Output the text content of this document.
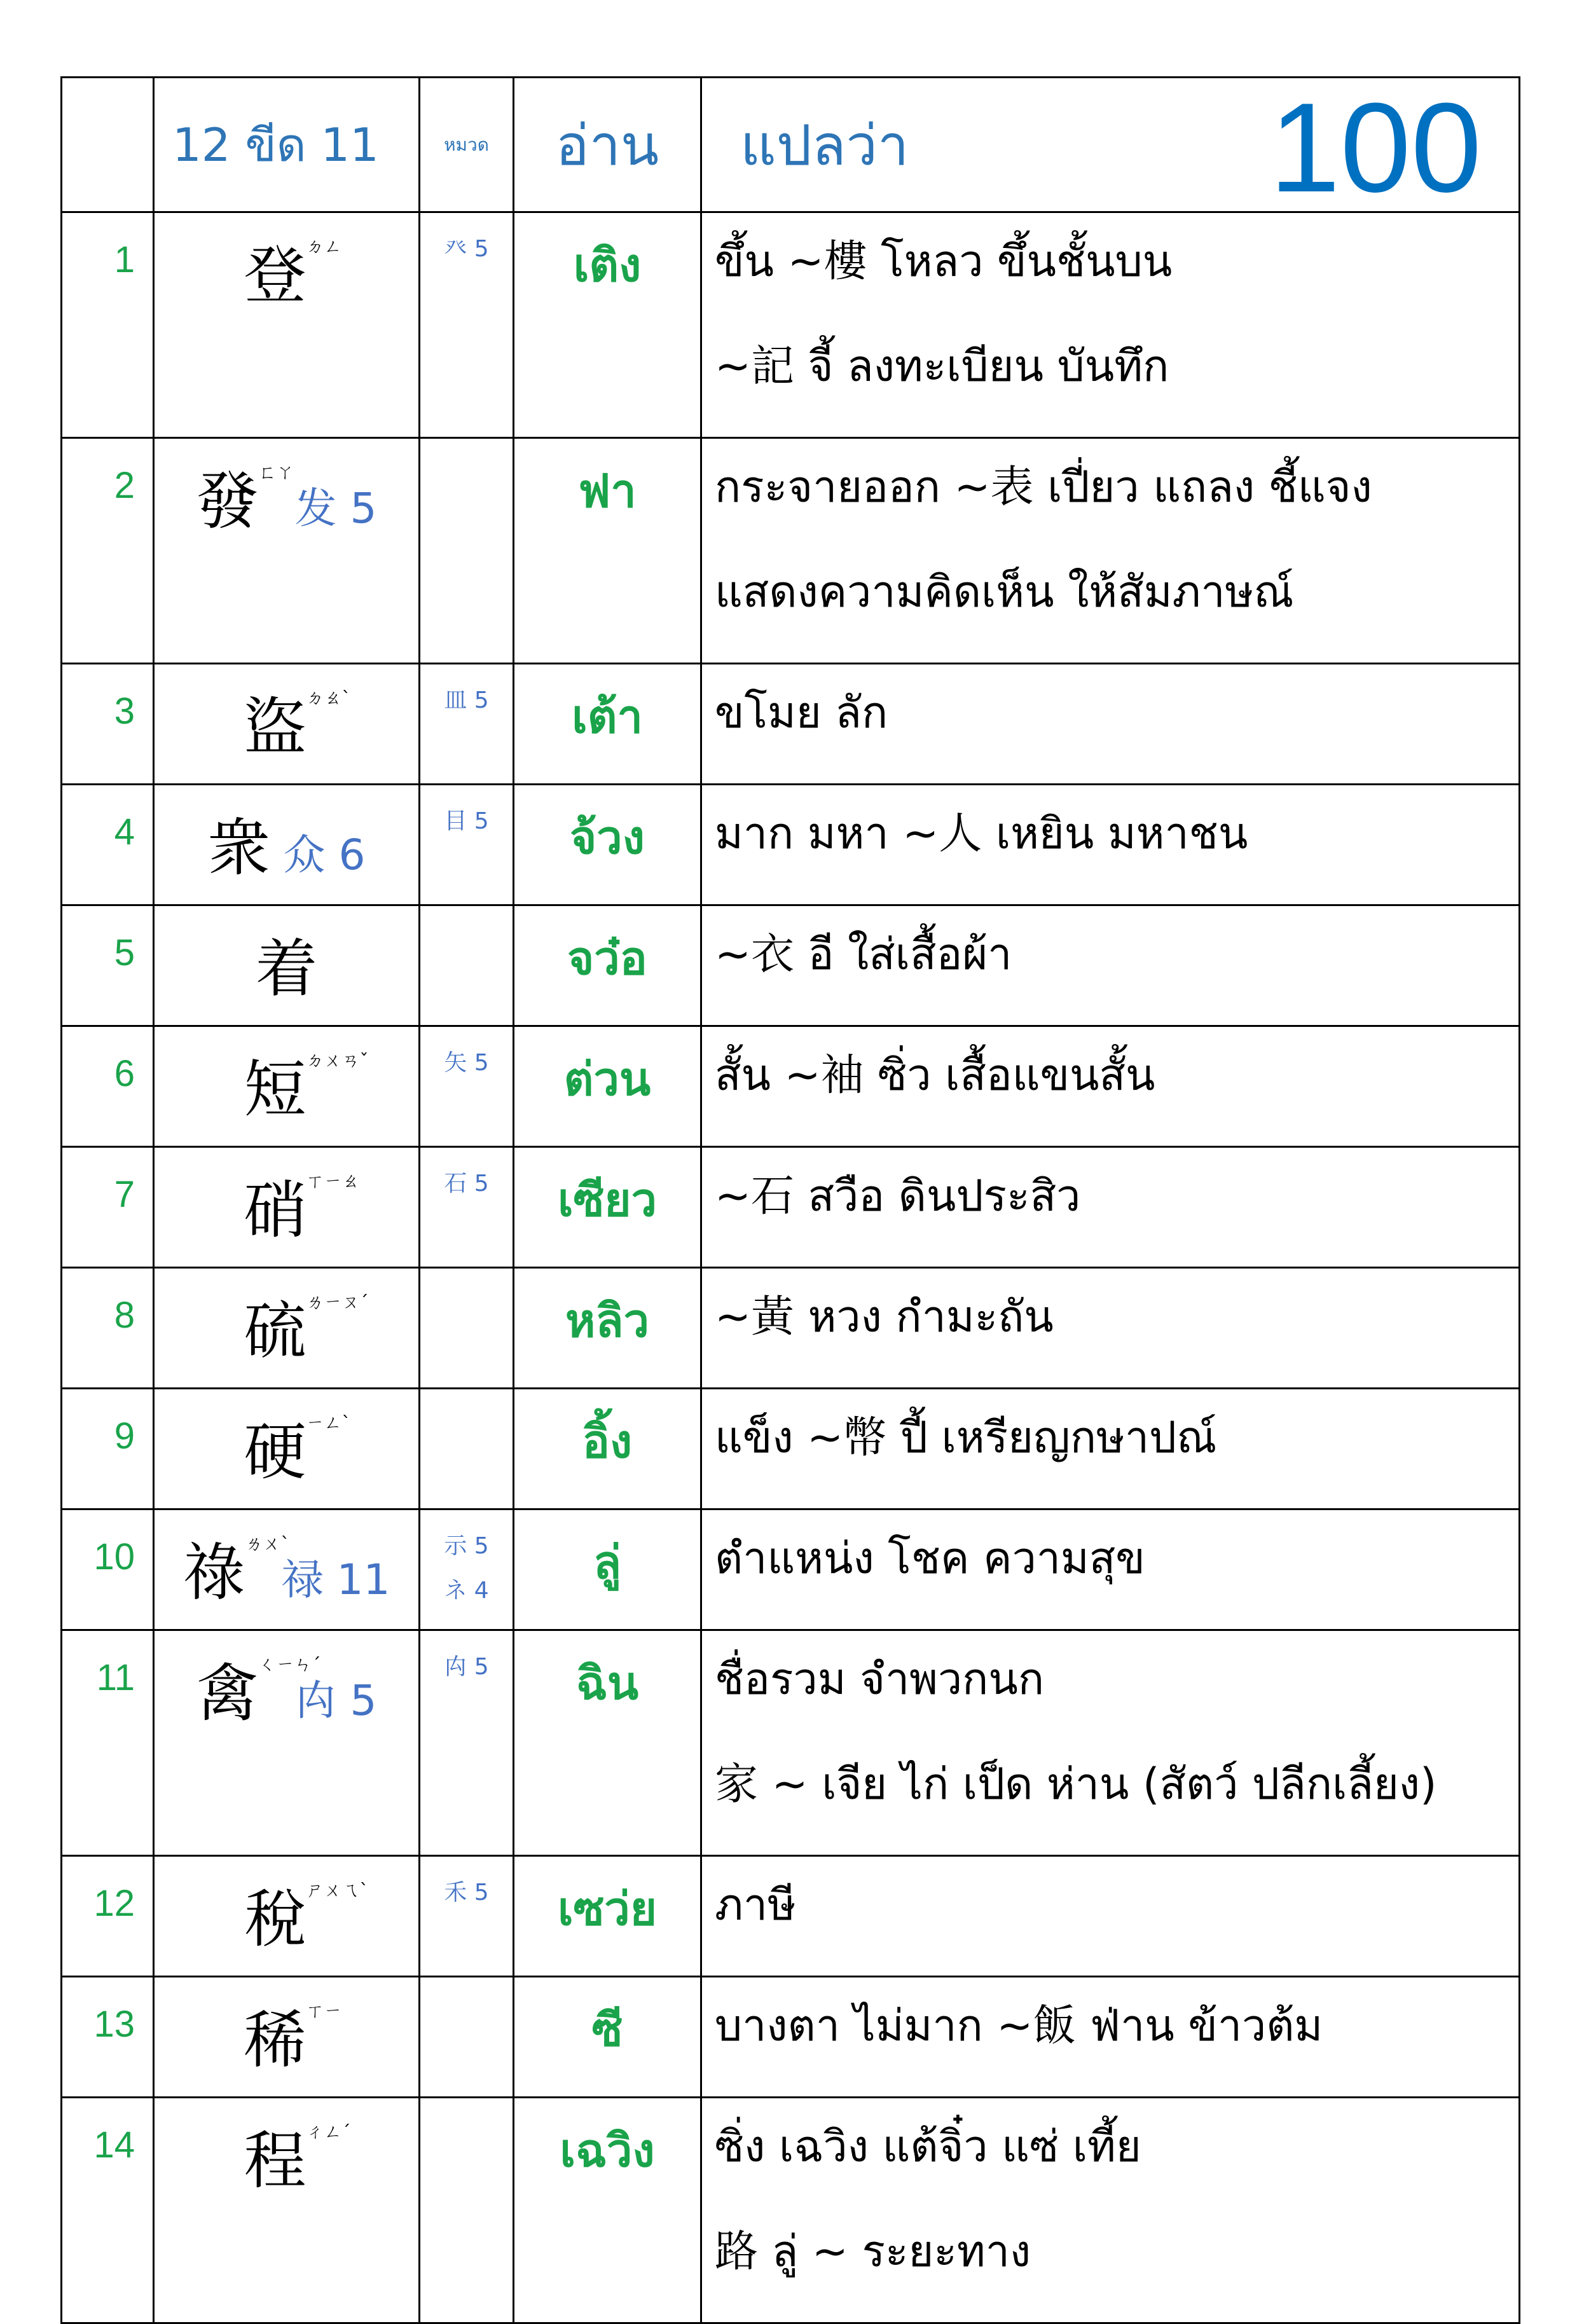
	12 ขีด 11	หมวด	อ่าน	แปลว่า 100

1	登ㄉㄥ	癶 5	เติง	ขึ้น ~樓 โหลว ขึ้นชั้นบน
~記 จี้ ลงทะเบียน บันทึก

2	發ㄈㄚ 发 5		ฟา	กระจายออก ~表 เปี่ยว แถลง ชี้แจง
แสดงความคิดเห็น ให้สัมภาษณ์

3	盜ㄉㄠˋ	皿 5	เต้า	ขโมย ลัก

4	衆 众 6	目 5	จ้วง	มาก มหา ~人 เหยิน มหาชน

5	着		จว๋อ	~衣 อี ใส่เสื้อผ้า

6	短ㄉㄨㄢˇ	矢 5	ต่วน	สั้น ~袖 ซิ่ว เสื้อแขนสั้น

7	硝ㄒㄧㄠ	石 5	เซียว	~石 สวือ ดินประสิว

8	硫ㄌㄧㄡˊ		หลิว	~黃 หวง กำมะถัน

9	硬ㄧㄥˋ		อิ้ง	แข็ง ~幣 ปี้ เหรียญกษาปณ์

10	祿ㄌㄨˋ 禄 11	示 5
ネ 4	ลู่	ตำแหน่ง โชค ความสุข

11	禽ㄑㄧㄣˊ 禸 5	禸 5	ฉิน	ชื่อรวม จำพวกนก
家 ~ เจีย ไก่ เป็ด ห่าน (สัตว์ ปลีกเลี้ยง)

12	稅ㄕㄨㄟˋ	禾 5	เซว่ย	ภาษี

13	稀ㄒㄧ		ซี	บางตา ไม่มาก ~飯 ฟ่าน ข้าวต้ม

14	程ㄔㄥˊ		เฉวิง	ซิ่ง เฉวิง แต้จิ๋ว แซ่ เที้ย
路 ลู่ ~ ระยะทาง
